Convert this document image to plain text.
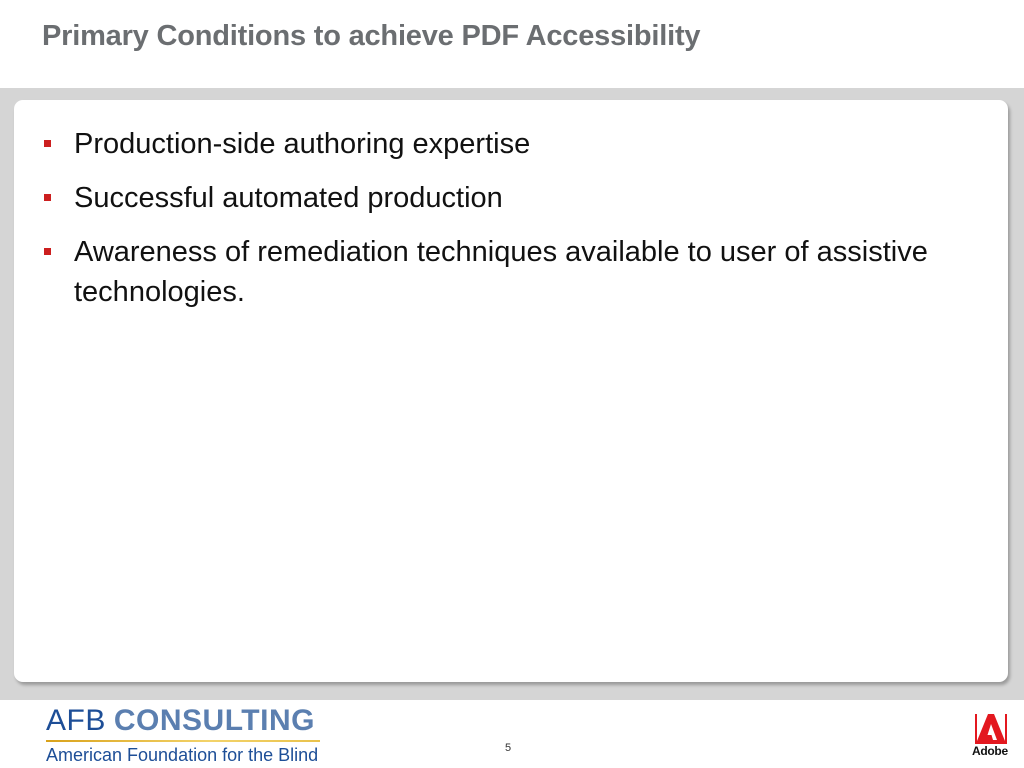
Primary Conditions to achieve PDF Accessibility
Production-side authoring expertise
Successful automated production
Awareness of remediation techniques available to user of assistive technologies.
AFB CONSULTING
American Foundation for the Blind	5	Adobe
